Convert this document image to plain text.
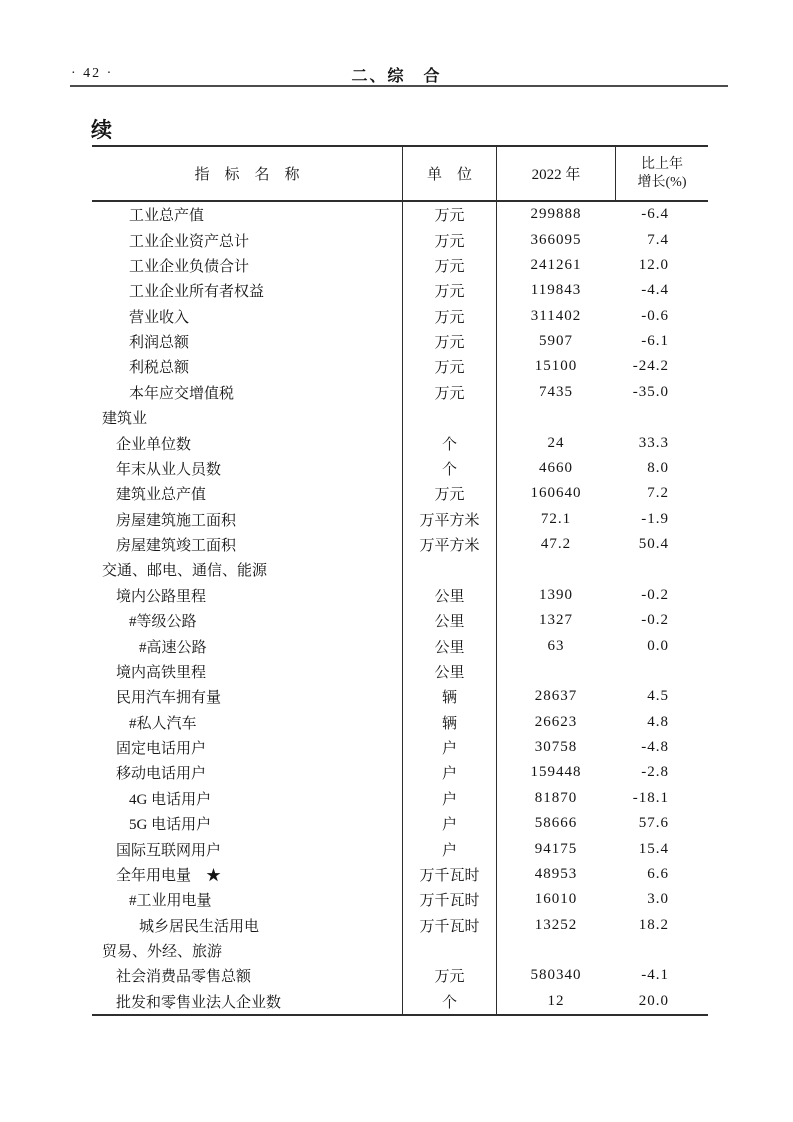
· 42 ·	二、综　合
续
指　标　名　称	单　位	2022 年
比上年
增长(%)
工业总产值	万元	299888	-6.4
工业企业资产总计	万元	366095	7.4
工业企业负债合计	万元	241261	12.0
工业企业所有者权益	万元	119843	-4.4
营业收入	万元	311402	-0.6
利润总额	万元	5907	-6.1
利税总额	万元	15100	-24.2
本年应交增值税	万元	7435	-35.0
建筑业
企业单位数	个	24	33.3
年末从业人员数	个	4660	8.0
建筑业总产值	万元	160640	7.2
房屋建筑施工面积	万平方米	72.1	-1.9
房屋建筑竣工面积	万平方米	47.2	50.4
交通、邮电、通信、能源
境内公路里程	公里	1390	-0.2
#等级公路	公里	1327	-0.2
#高速公路	公里	63	0.0
境内高铁里程	公里
民用汽车拥有量	辆	28637	4.5
#私人汽车	辆	26623	4.8
固定电话用户	户	30758	-4.8
移动电话用户	户	159448	-2.8
4G 电话用户	户	81870	-18.1
5G 电话用户	户	58666	57.6
国际互联网用户	户	94175	15.4
全年用电量　★	万千瓦时	48953	6.6
#工业用电量	万千瓦时	16010	3.0
城乡居民生活用电	万千瓦时	13252	18.2
贸易、外经、旅游
社会消费品零售总额	万元	580340	-4.1
批发和零售业法人企业数	个	12	20.0
